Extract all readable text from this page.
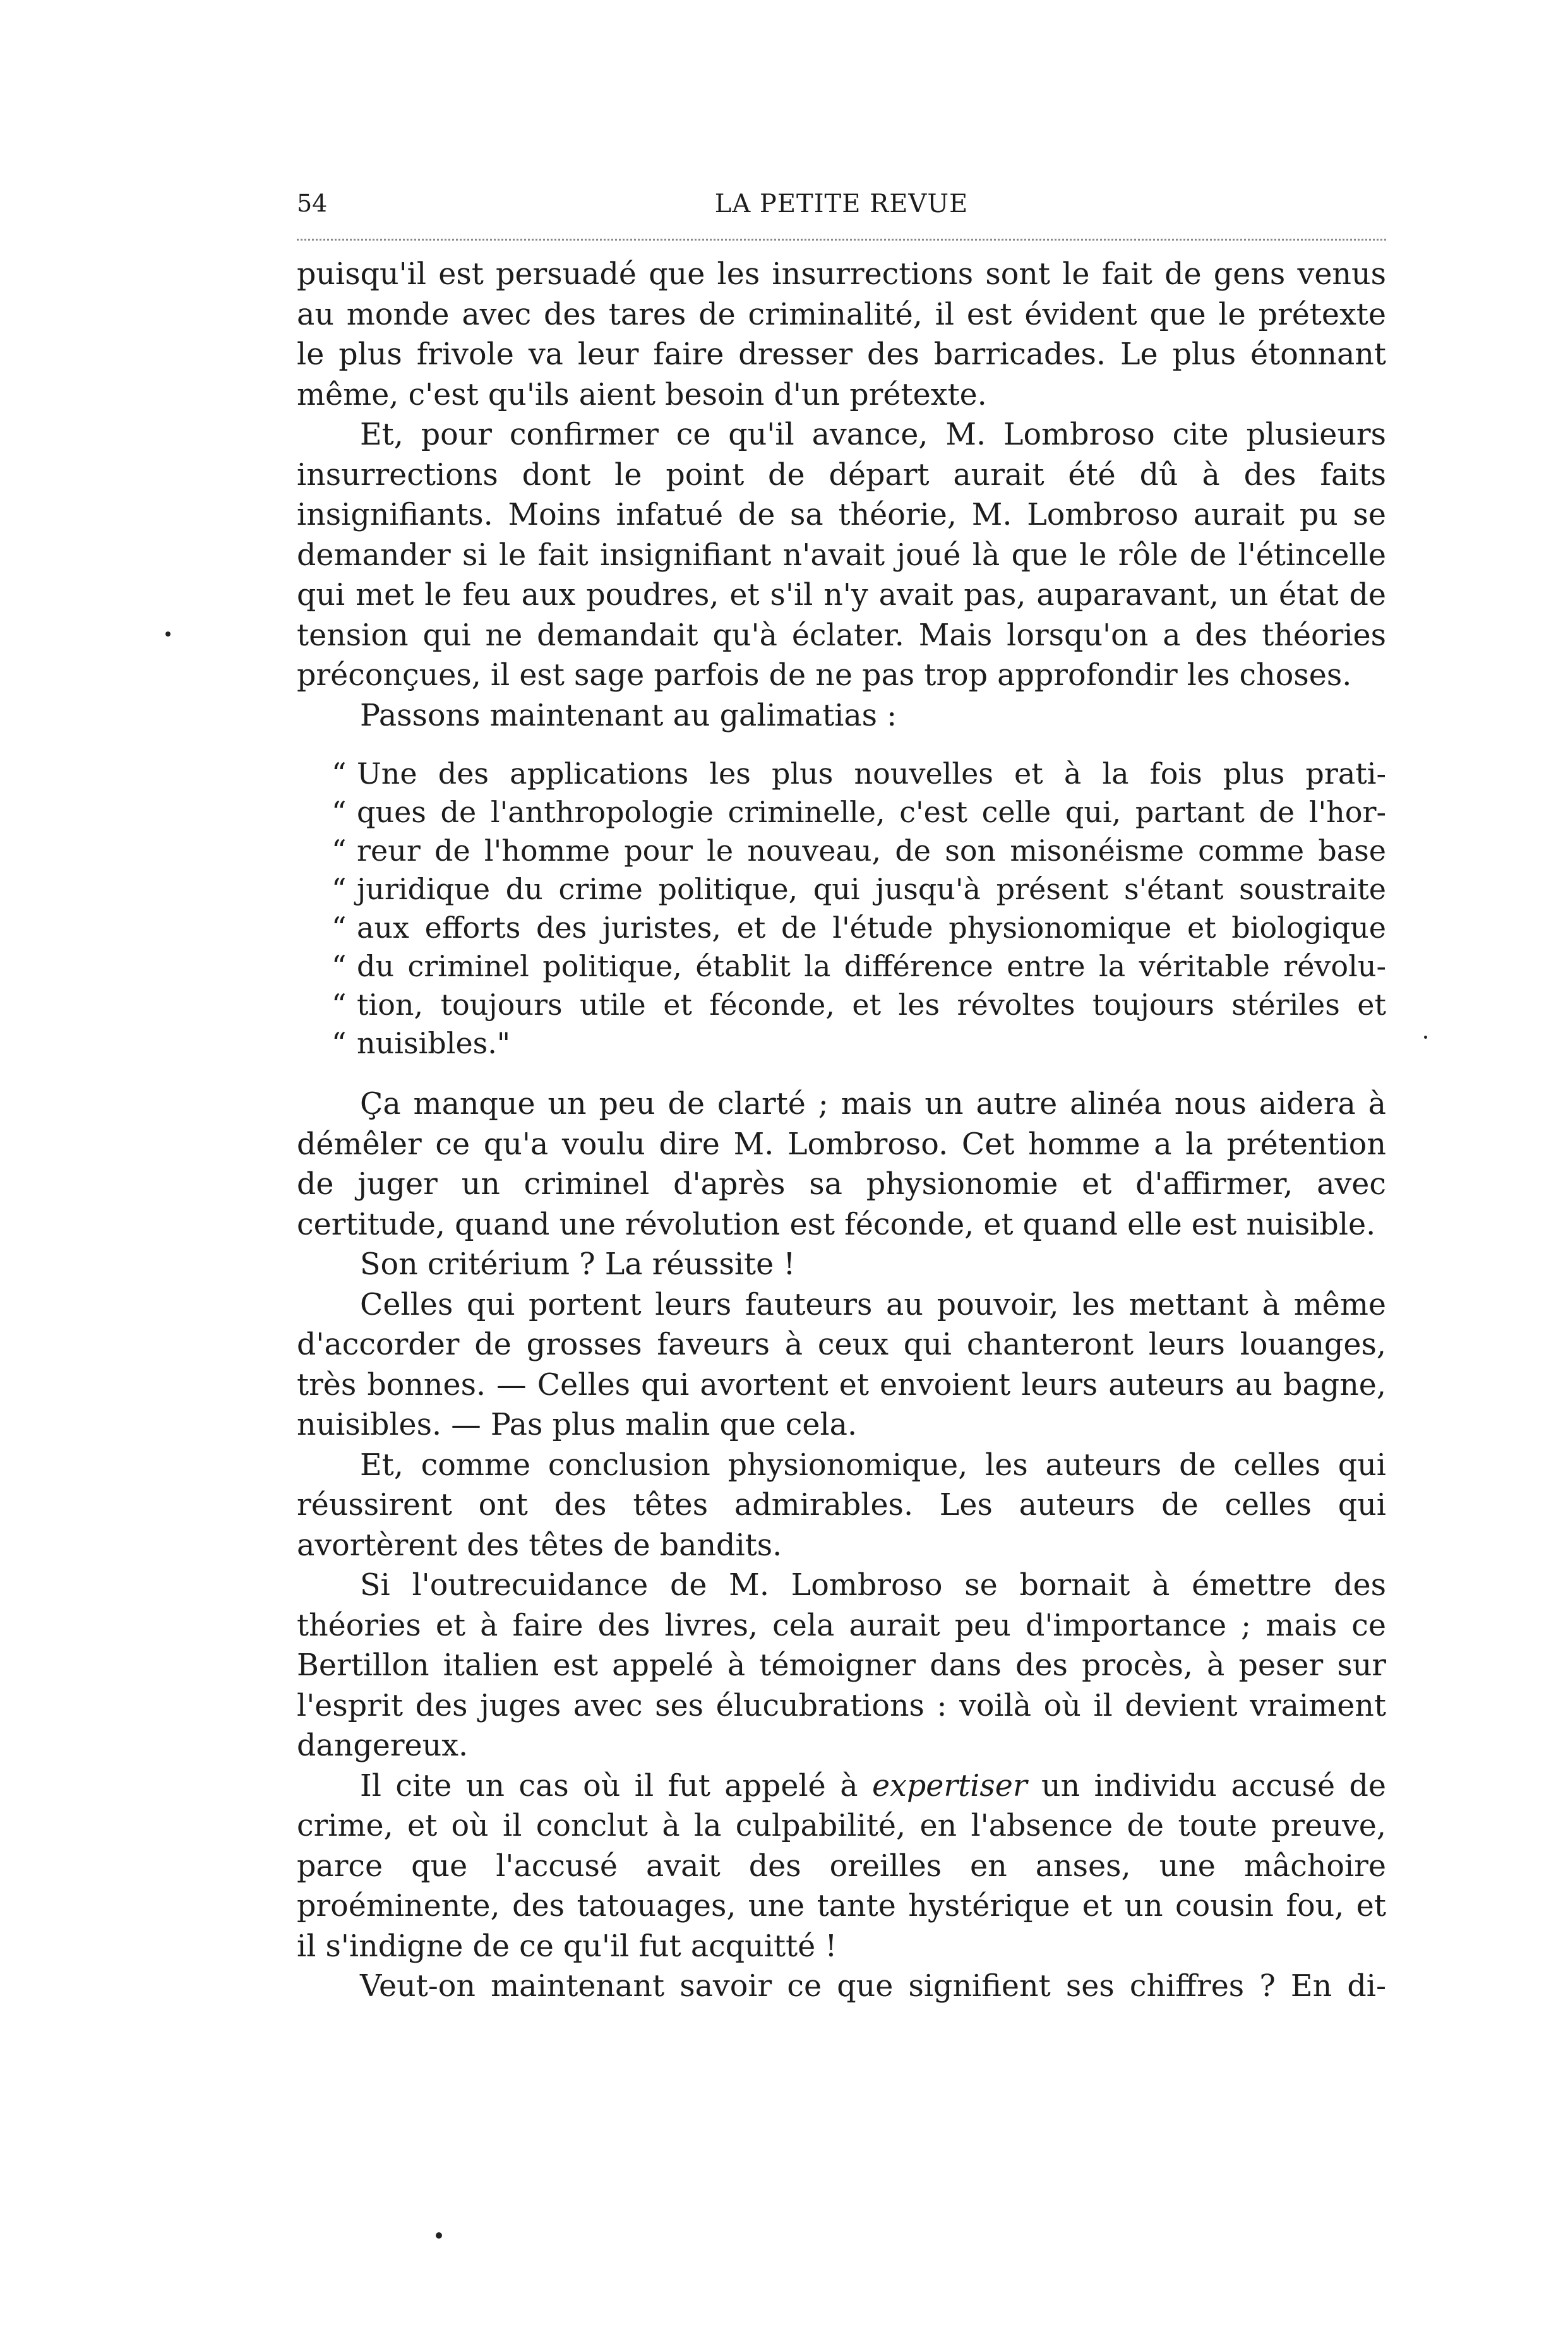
54	LA PETITE REVUE

puisqu'il est persuadé que les insurrections sont le fait de gens venus au monde avec des tares de criminalité, il est évident que le prétexte le plus frivole va leur faire dresser des barricades. Le plus étonnant même, c'est qu'ils aient besoin d'un prétexte.

Et, pour confirmer ce qu'il avance, M. Lombroso cite plusieurs insurrections dont le point de départ aurait été dû à des faits insignifiants. Moins infatué de sa théorie, M. Lombroso aurait pu se demander si le fait insignifiant n'avait joué là que le rôle de l'étincelle qui met le feu aux poudres, et s'il n'y avait pas, auparavant, un état de tension qui ne demandait qu'à éclater. Mais lorsqu'on a des théories préconçues, il est sage parfois de ne pas trop approfondir les choses.

Passons maintenant au galimatias :

“ Une des applications les plus nouvelles et à la fois plus prati-
“ ques de l'anthropologie criminelle, c'est celle qui, partant de l'hor-
“ reur de l'homme pour le nouveau, de son misonéisme comme base
“ juridique du crime politique, qui jusqu'à présent s'étant soustraite
“ aux efforts des juristes, et de l'étude physionomique et biologique
“ du criminel politique, établit la différence entre la véritable révolu-
“ tion, toujours utile et féconde, et les révoltes toujours stériles et
“ nuisibles."

Ça manque un peu de clarté ; mais un autre alinéa nous aidera à démêler ce qu'a voulu dire M. Lombroso. Cet homme a la prétention de juger un criminel d'après sa physionomie et d'affirmer, avec certitude, quand une révolution est féconde, et quand elle est nuisible.

Son critérium ? La réussite !

Celles qui portent leurs fauteurs au pouvoir, les mettant à même d'accorder de grosses faveurs à ceux qui chanteront leurs louanges, très bonnes. — Celles qui avortent et envoient leurs auteurs au bagne, nuisibles. — Pas plus malin que cela.

Et, comme conclusion physionomique, les auteurs de celles qui réussirent ont des têtes admirables. Les auteurs de celles qui avortèrent des têtes de bandits.

Si l'outrecuidance de M. Lombroso se bornait à émettre des théories et à faire des livres, cela aurait peu d'importance ; mais ce Bertillon italien est appelé à témoigner dans des procès, à peser sur l'esprit des juges avec ses élucubrations : voilà où il devient vraiment dangereux.

Il cite un cas où il fut appelé à expertiser un individu accusé de crime, et où il conclut à la culpabilité, en l'absence de toute preuve, parce que l'accusé avait des oreilles en anses, une mâchoire proéminente, des tatouages, une tante hystérique et un cousin fou, et il s'indigne de ce qu'il fut acquitté !

Veut-on maintenant savoir ce que signifient ses chiffres ? En di-
